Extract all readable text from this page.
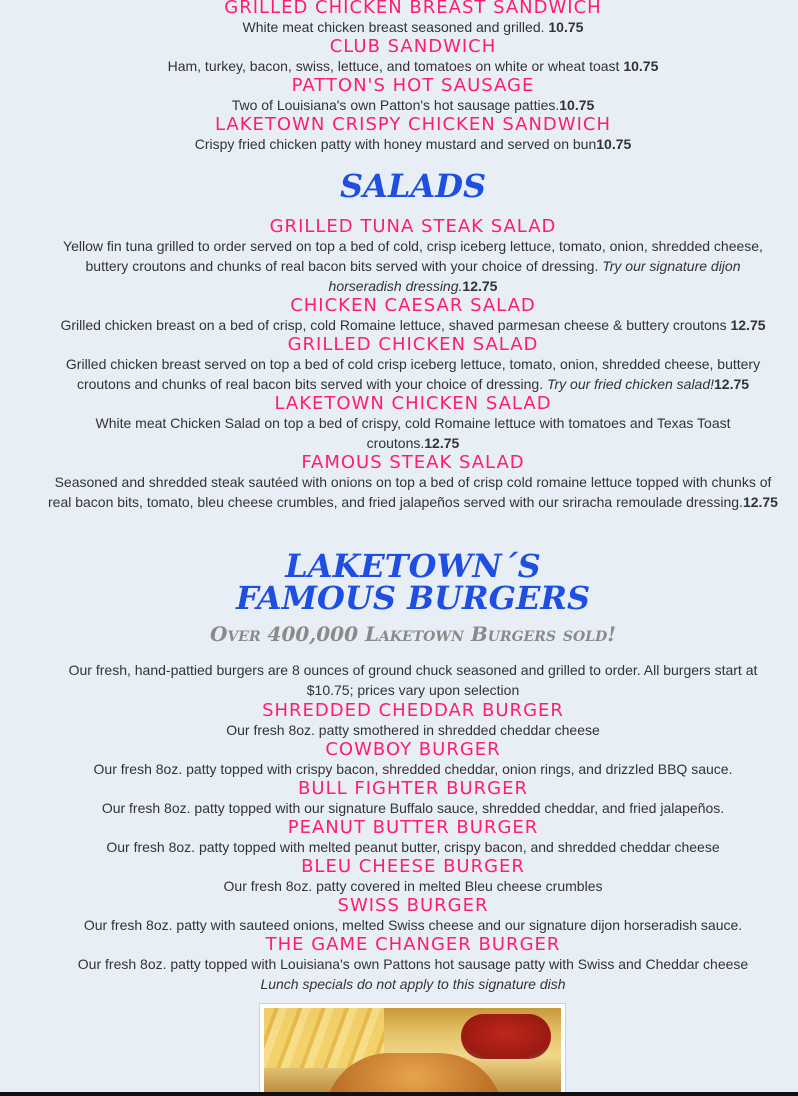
GRILLED CHICKEN BREAST SANDWICH

White meat chicken breast seasoned and grilled. 10.75

CLUB SANDWICH

Ham, turkey, bacon, swiss, lettuce, and tomatoes on white or wheat toast 10.75

PATTON'S HOT SAUSAGE

Two of Louisiana's own Patton's hot sausage patties.10.75

LAKETOWN CRISPY CHICKEN SANDWICH

Crispy fried chicken patty with honey mustard and served on bun10.75

SALADS
GRILLED TUNA STEAK SALAD

Yellow fin tuna grilled to order served on top a bed of cold, crisp iceberg lettuce, tomato, onion, shredded cheese, buttery croutons and chunks of real bacon bits served with your choice of dressing. Try our signature dijon horseradish dressing.12.75

CHICKEN CAESAR SALAD

Grilled chicken breast on a bed of crisp, cold Romaine lettuce, shaved parmesan cheese & buttery croutons 12.75

GRILLED CHICKEN SALAD

Grilled chicken breast served on top a bed of cold crisp iceberg lettuce, tomato, onion, shredded cheese, buttery croutons and chunks of real bacon bits served with your choice of dressing. Try our fried chicken salad!12.75

LAKETOWN CHICKEN SALAD

White meat Chicken Salad on top a bed of crispy, cold Romaine lettuce with tomatoes and Texas Toast croutons.12.75

FAMOUS STEAK SALAD

Seasoned and shredded steak sautéed with onions on top a bed of crisp cold romaine lettuce topped with chunks of real bacon bits, tomato, bleu cheese crumbles, and fried jalapeños served with our sriracha remoulade dressing.12.75

LAKETOWN´S
FAMOUS BURGERS
Over 400,000 Laketown Burgers sold!

Our fresh, hand-pattied burgers are 8 ounces of ground chuck seasoned and grilled to order. All burgers start at $10.75; prices vary upon selection

SHREDDED CHEDDAR BURGER

Our fresh 8oz. patty smothered in shredded cheddar cheese

COWBOY BURGER

Our fresh 8oz. patty topped with crispy bacon, shredded cheddar, onion rings, and drizzled BBQ sauce.

BULL FIGHTER BURGER

Our fresh 8oz. patty topped with our signature Buffalo sauce, shredded cheddar, and fried jalapeños.

PEANUT BUTTER BURGER

Our fresh 8oz. patty topped with melted peanut butter, crispy bacon, and shredded cheddar cheese

BLEU CHEESE BURGER

Our fresh 8oz. patty covered in melted Bleu cheese crumbles

SWISS BURGER

Our fresh 8oz. patty with sauteed onions, melted Swiss cheese and our signature dijon horseradish sauce.

THE GAME CHANGER BURGER

Our fresh 8oz. patty topped with Louisiana's own Pattons hot sausage patty with Swiss and Cheddar cheese

Lunch specials do not apply to this signature dish
